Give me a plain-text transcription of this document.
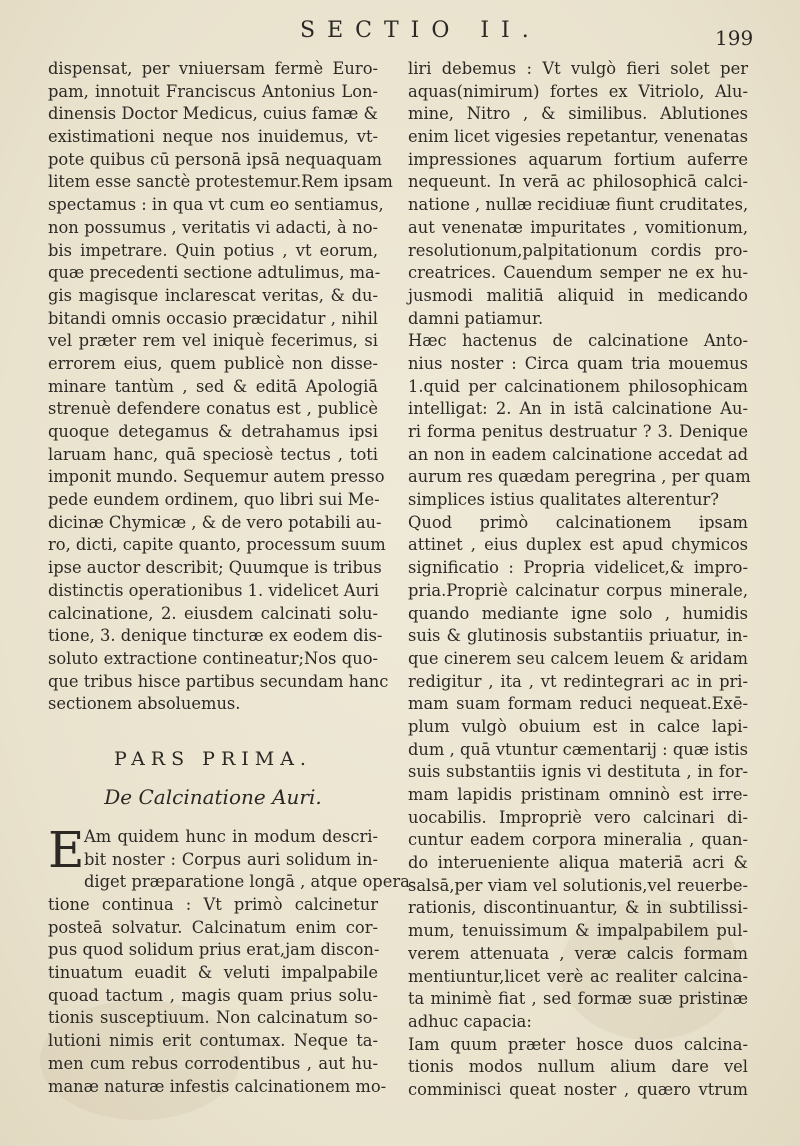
SECTIO II.	199
dispensat, per vniuersam fermè Euro-
pam, innotuit Franciscus Antonius Lon-
dinensis Doctor Medicus, cuius famæ &
existimationi neque nos inuidemus, vt-
pote quibus cū personā ipsā nequaquam
litem esse sanctè protestemur.Rem ipsam
spectamus : in qua vt cum eo sentiamus,
non possumus , veritatis vi adacti, à no-
bis impetrare. Quin potius , vt eorum,
quæ precedenti sectione adtulimus, ma-
gis magisque inclarescat veritas, & du-
bitandi omnis occasio præcidatur , nihil
vel præter rem vel iniquè fecerimus, si
errorem eius, quem publicè non disse-
minare tantùm , sed & editā Apologiā
strenuè defendere conatus est , publicè
quoque detegamus & detrahamus ipsi
laruam hanc, quā speciosè tectus , toti
imponit mundo. Sequemur autem presso
pede eundem ordinem, quo libri sui Me-
dicinæ Chymicæ , & de vero potabili au-
ro, dicti, capite quanto, processum suum
ipse auctor describit; Quumque is tribus
distinctis operationibus 1. videlicet Auri
calcinatione, 2. eiusdem calcinati solu-
tione, 3. denique tincturæ ex eodem dis-
soluto extractione contineatur;Nos quo-
que tribus hisce partibus secundam hanc
sectionem absoluemus.
PARS PRIMA.
De Calcinatione Auri.
E Am quidem hunc in modum descri-
bit noster : Corpus auri solidum in-
diget præparatione longā , atque opera-
tione continua : Vt primò calcinetur
posteā solvatur. Calcinatum enim cor-
pus quod solidum prius erat,jam discon-
tinuatum euadit & veluti impalpabile
quoad tactum , magis quam prius solu-
tionis susceptiuum. Non calcinatum so-
lutioni nimis erit contumax. Neque ta-
men cum rebus corrodentibus , aut hu-
manæ naturæ infestis calcinationem mo-
liri debemus : Vt vulgò fieri solet per
aquas(nimirum) fortes ex Vitriolo, Alu-
mine, Nitro , & similibus. Ablutiones
enim licet vigesies repetantur, venenatas
impressiones aquarum fortium auferre
nequeunt. In verā ac philosophicā calci-
natione , nullæ recidiuæ fiunt cruditates,
aut venenatæ impuritates , vomitionum,
resolutionum,palpitationum cordis pro-
creatrices. Cauendum semper ne ex hu-
jusmodi malitiā aliquid in medicando
damni patiamur.
Hæc hactenus de calcinatione Anto-
nius noster : Circa quam tria mouemus
1.quid per calcinationem philosophicam
intelligat: 2. An in istā calcinatione Au-
ri forma penitus destruatur ? 3. Denique
an non in eadem calcinatione accedat ad
aurum res quædam peregrina , per quam
simplices istius qualitates alterentur?
Quod primò calcinationem ipsam
attinet , eius duplex est apud chymicos
significatio : Propria videlicet,& impro-
pria.Propriè calcinatur corpus minerale,
quando mediante igne solo , humidis
suis & glutinosis substantiis priuatur, in-
que cinerem seu calcem leuem & aridam
redigitur , ita , vt redintegrari ac in pri-
mam suam formam reduci nequeat.Exē-
plum vulgò obuium est in calce lapi-
dum , quā vtuntur cæmentarij : quæ istis
suis substantiis ignis vi destituta , in for-
mam lapidis pristinam omninò est irre-
uocabilis. Impropriè vero calcinari di-
cuntur eadem corpora mineralia , quan-
do interueniente aliqua materiā acri &
salsā,per viam vel solutionis,vel reuerbe-
rationis, discontinuantur, & in subtilissi-
mum, tenuissimum & impalpabilem pul-
verem attenuata , veræ calcis formam
mentiuntur,licet verè ac realiter calcina-
ta minimè fiat , sed formæ suæ pristinæ
adhuc capacia:
Iam quum præter hosce duos calcina-
tionis modos nullum alium dare vel
comminisci queat noster , quæro vtrum
